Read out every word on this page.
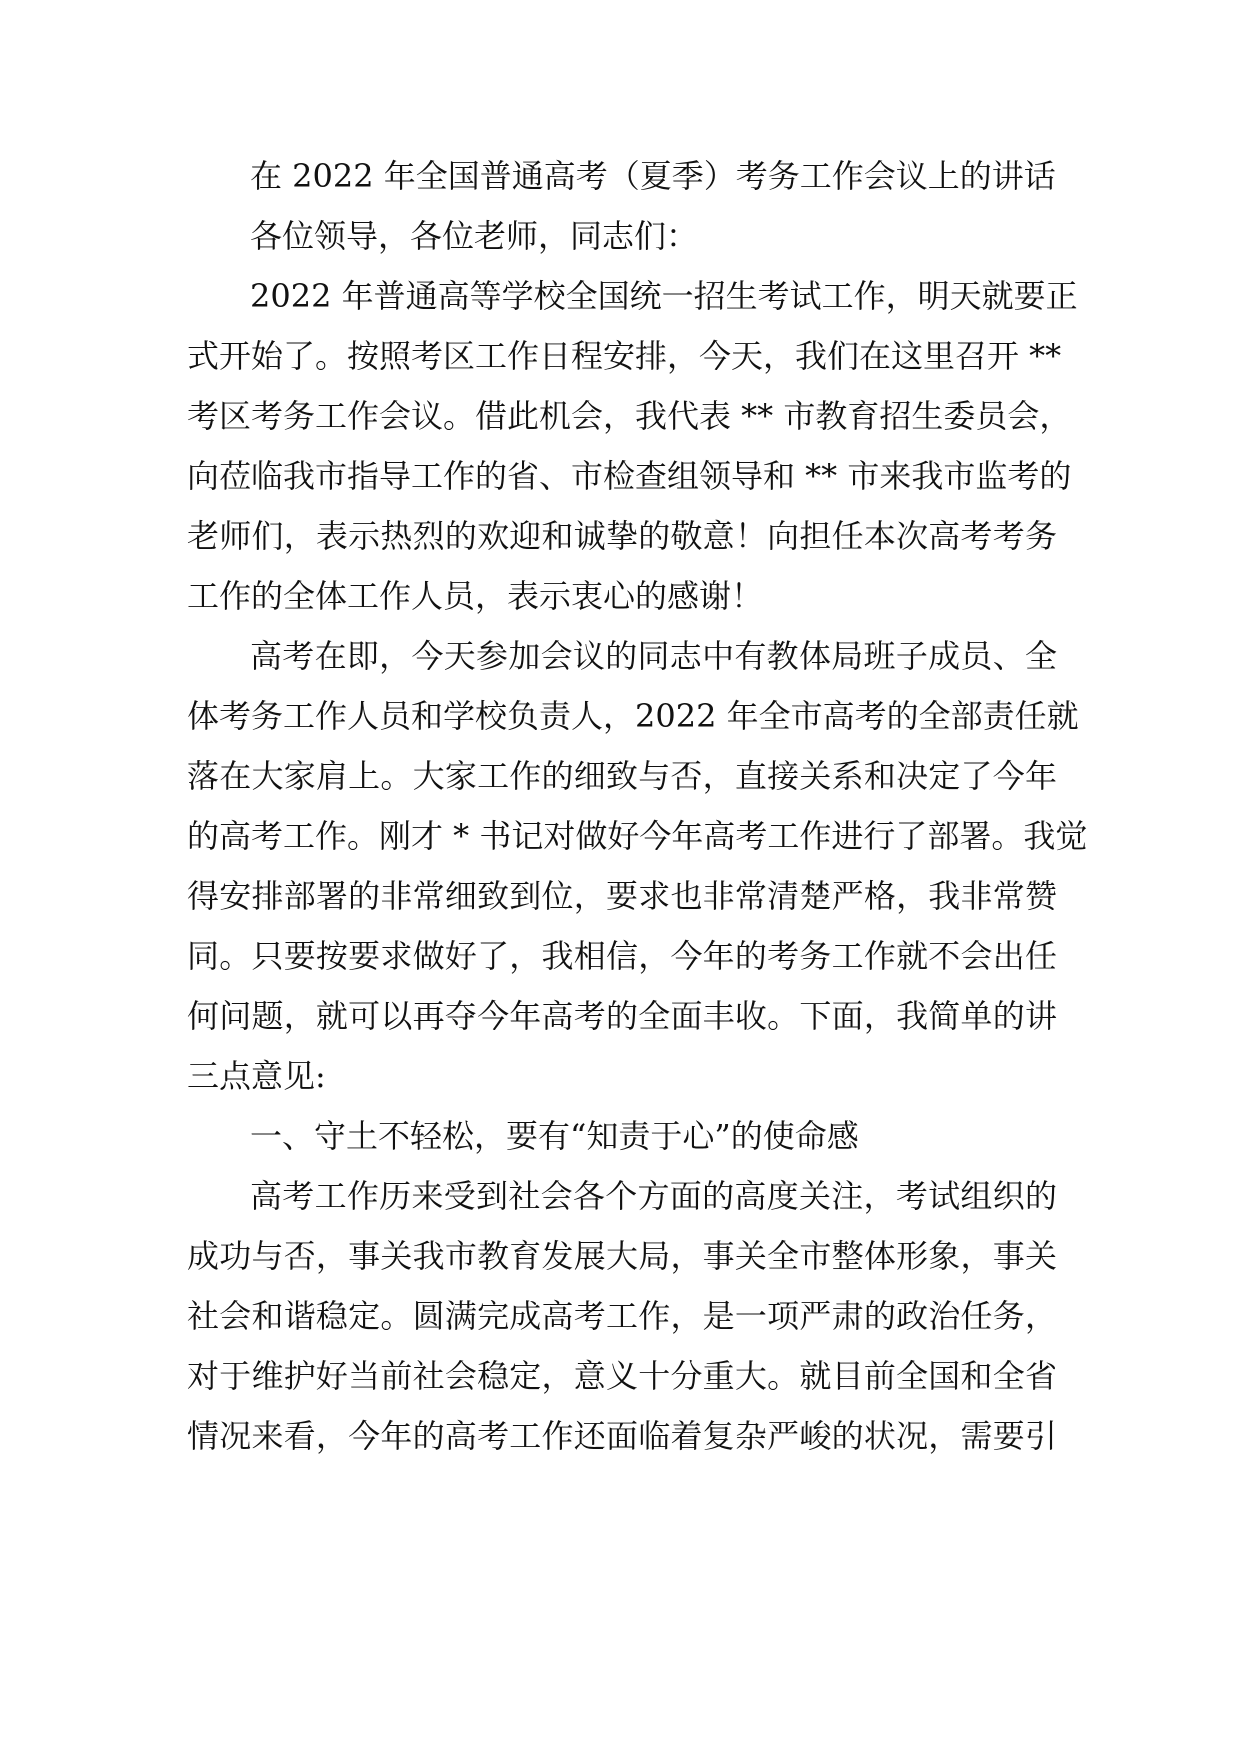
在 2022 年全国普通高考（夏季）考务工作会议上的讲话
各位领导，各位老师，同志们：
2022 年普通高等学校全国统一招生考试工作，明天就要正
式开始了。按照考区工作日程安排，今天，我们在这里召开 **
考区考务工作会议。借此机会，我代表 ** 市教育招生委员会，
向莅临我市指导工作的省、市检查组领导和 ** 市来我市监考的
老师们，表示热烈的欢迎和诚挚的敬意！向担任本次高考考务
工作的全体工作人员，表示衷心的感谢！
高考在即，今天参加会议的同志中有教体局班子成员、全
体考务工作人员和学校负责人，2022 年全市高考的全部责任就
落在大家肩上。大家工作的细致与否，直接关系和决定了今年
的高考工作。刚才 * 书记对做好今年高考工作进行了部署。我觉
得安排部署的非常细致到位，要求也非常清楚严格，我非常赞
同。只要按要求做好了，我相信，今年的考务工作就不会出任
何问题，就可以再夺今年高考的全面丰收。下面，我简单的讲
三点意见:
一、守土不轻松，要有“知责于心”的使命感
高考工作历来受到社会各个方面的高度关注，考试组织的
成功与否，事关我市教育发展大局，事关全市整体形象，事关
社会和谐稳定。圆满完成高考工作，是一项严肃的政治任务，
对于维护好当前社会稳定，意义十分重大。就目前全国和全省
情况来看，今年的高考工作还面临着复杂严峻的状况，需要引
